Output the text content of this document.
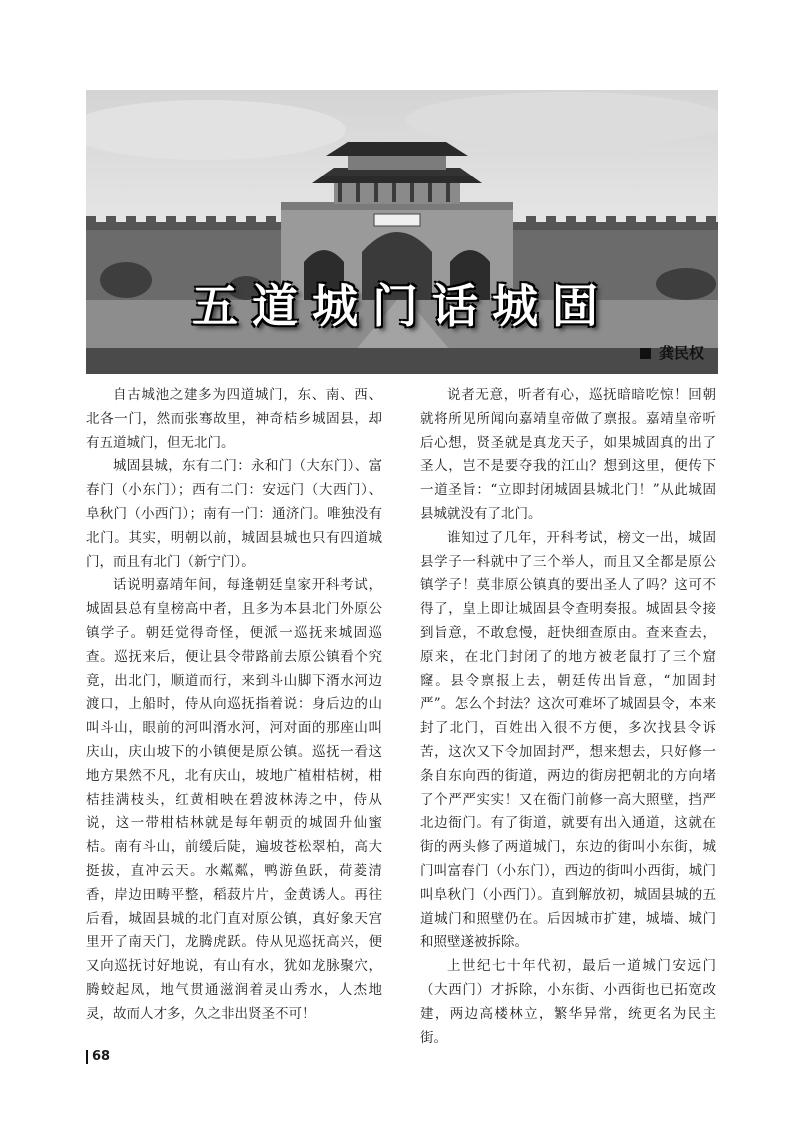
五道城门话城固
龚民权

自古城池之建多为四道城门，东、南、西、北各一门，然而张骞故里，神奇桔乡城固县，却有五道城门，但无北门。

城固县城，东有二门：永和门（大东门）、富春门（小东门）；西有二门：安远门（大西门）、阜秋门（小西门）；南有一门：通济门。唯独没有北门。其实，明朝以前，城固县城也只有四道城门，而且有北门（新宁门）。

话说明嘉靖年间，每逢朝廷皇家开科考试，城固县总有皇榜高中者，且多为本县北门外原公镇学子。朝廷觉得奇怪，便派一巡抚来城固巡查。巡抚来后，便让县令带路前去原公镇看个究竟，出北门，顺道而行，来到斗山脚下湑水河边渡口，上船时，侍从向巡抚指着说：身后边的山叫斗山，眼前的河叫湑水河，河对面的那座山叫庆山，庆山坡下的小镇便是原公镇。巡抚一看这地方果然不凡，北有庆山，坡地广植柑桔树，柑桔挂满枝头，红黄相映在碧波林涛之中，侍从说，这一带柑桔林就是每年朝贡的城固升仙蜜桔。南有斗山，前缓后陡，遍坡苍松翠柏，高大挺拔，直冲云天。水粼粼，鸭游鱼跃，荷菱清香，岸边田畴平整，稻菽片片，金黄诱人。再往后看，城固县城的北门直对原公镇，真好象天宫里开了南天门，龙腾虎跃。侍从见巡抚高兴，便又向巡抚讨好地说，有山有水，犹如龙脉聚穴，腾蛟起凤，地气贯通滋润着灵山秀水，人杰地灵，故而人才多，久之非出贤圣不可！

说者无意，听者有心，巡抚暗暗吃惊！回朝就将所见所闻向嘉靖皇帝做了禀报。嘉靖皇帝听后心想，贤圣就是真龙天子，如果城固真的出了圣人，岂不是要夺我的江山？想到这里，便传下一道圣旨：“立即封闭城固县城北门！”从此城固县城就没有了北门。

谁知过了几年，开科考试，榜文一出，城固县学子一科就中了三个举人，而且又全都是原公镇学子！莫非原公镇真的要出圣人了吗？这可不得了，皇上即让城固县令查明奏报。城固县令接到旨意，不敢怠慢，赶快细查原由。查来查去，原来，在北门封闭了的地方被老鼠打了三个窟窿。县令禀报上去，朝廷传出旨意，“加固封严”。怎么个封法？这次可难坏了城固县令，本来封了北门，百姓出入很不方便，多次找县令诉苦，这次又下令加固封严，想来想去，只好修一条自东向西的街道，两边的街房把朝北的方向堵了个严严实实！又在衙门前修一高大照壁，挡严北边衙门。有了街道，就要有出入通道，这就在街的两头修了两道城门，东边的街叫小东街，城门叫富春门（小东门），西边的街叫小西街，城门叫阜秋门（小西门）。直到解放初，城固县城的五道城门和照壁仍在。后因城市扩建，城墙、城门和照壁遂被拆除。

上世纪七十年代初，最后一道城门安远门（大西门）才拆除，小东街、小西街也已拓宽改建，两边高楼林立，繁华异常，统更名为民主街。

68
